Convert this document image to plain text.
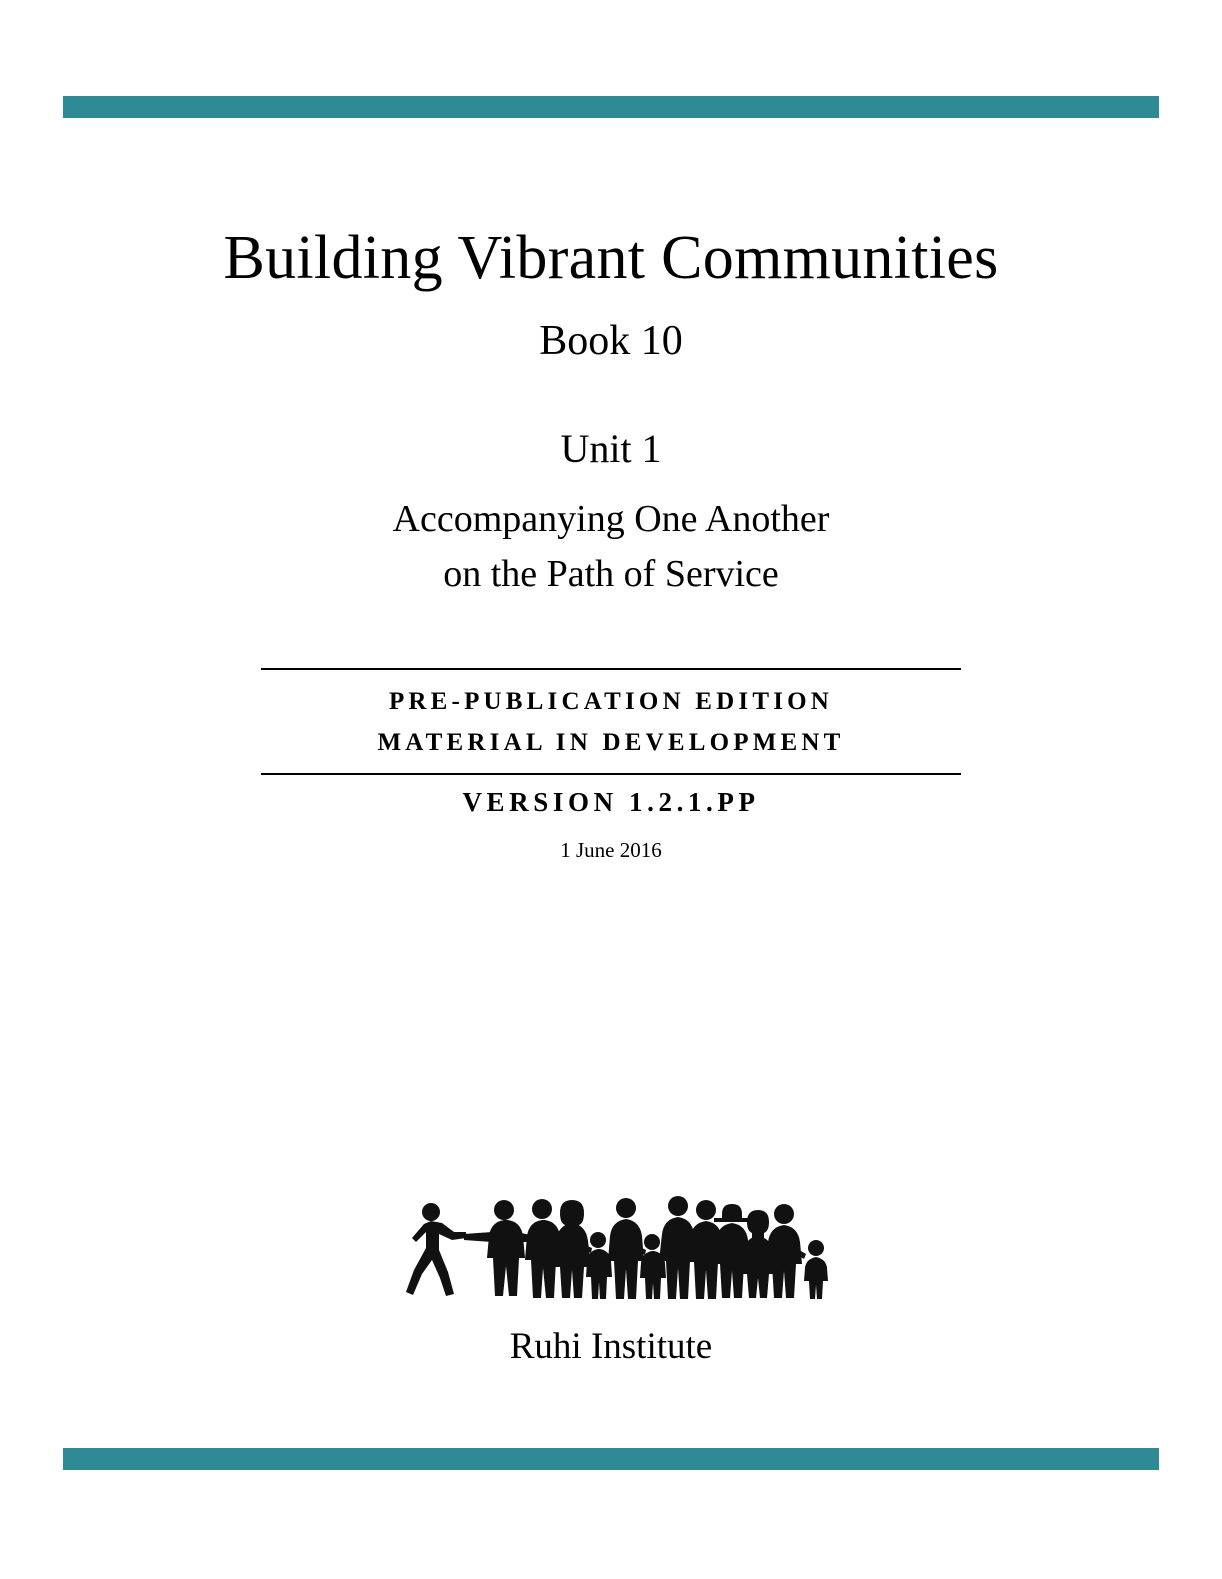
Building Vibrant Communities
Book 10
Unit 1
Accompanying One Another
on the Path of Service
PRE-PUBLICATION EDITION
MATERIAL IN DEVELOPMENT
VERSION 1.2.1.PP
1 June 2016
Ruhi Institute
